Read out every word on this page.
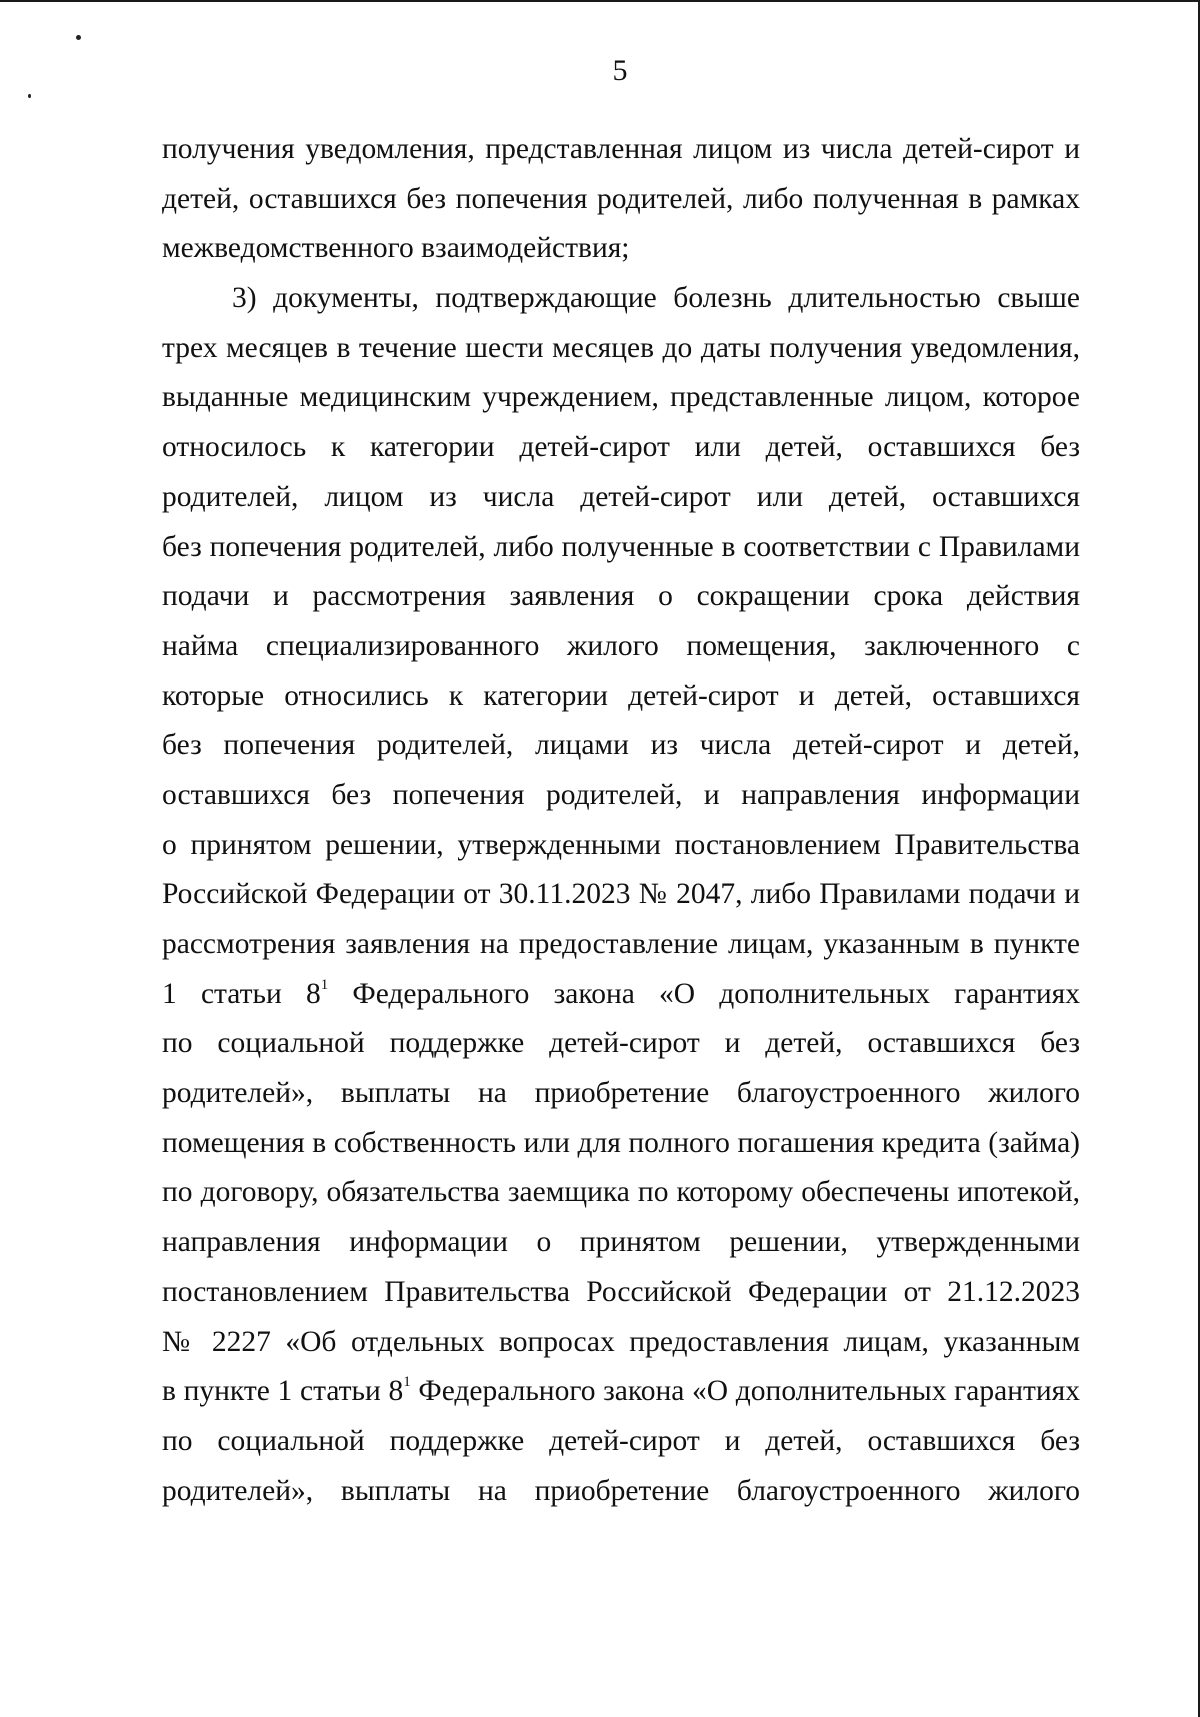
5
получения уведомления, представленная лицом из числа детей-сирот и
детей, оставшихся без попечения родителей, либо полученная в рамках
межведомственного взаимодействия;
3) документы, подтверждающие болезнь длительностью свыше
трех месяцев в течение шести месяцев до даты получения уведомления,
выданные медицинским учреждением, представленные лицом, которое
относилось к категории детей-сирот или детей, оставшихся без
родителей, лицом из числа детей-сирот или детей, оставшихся
без попечения родителей, либо полученные в соответствии с Правилами
подачи и рассмотрения заявления о сокращении срока действия
найма специализированного жилого помещения, заключенного с
которые относились к категории детей-сирот и детей, оставшихся
без попечения родителей, лицами из числа детей-сирот и детей,
оставшихся без попечения родителей, и направления информации
о принятом решении, утвержденными постановлением Правительства
Российской Федерации от 30.11.2023 № 2047, либо Правилами подачи и
рассмотрения заявления на предоставление лицам, указанным в пункте
1 статьи $8^1$ Федерального закона «О дополнительных гарантиях
по социальной поддержке детей-сирот и детей, оставшихся без
родителей», выплаты на приобретение благоустроенного жилого
помещения в собственность или для полного погашения кредита (займа)
по договору, обязательства заемщика по которому обеспечены ипотекой,
направления информации о принятом решении, утвержденными
постановлением Правительства Российской Федерации от 21.12.2023
№ 2227 «Об отдельных вопросах предоставления лицам, указанным
в пункте 1 статьи $8^1$ Федерального закона «О дополнительных гарантиях
по социальной поддержке детей-сирот и детей, оставшихся без
родителей», выплаты на приобретение благоустроенного жилого
